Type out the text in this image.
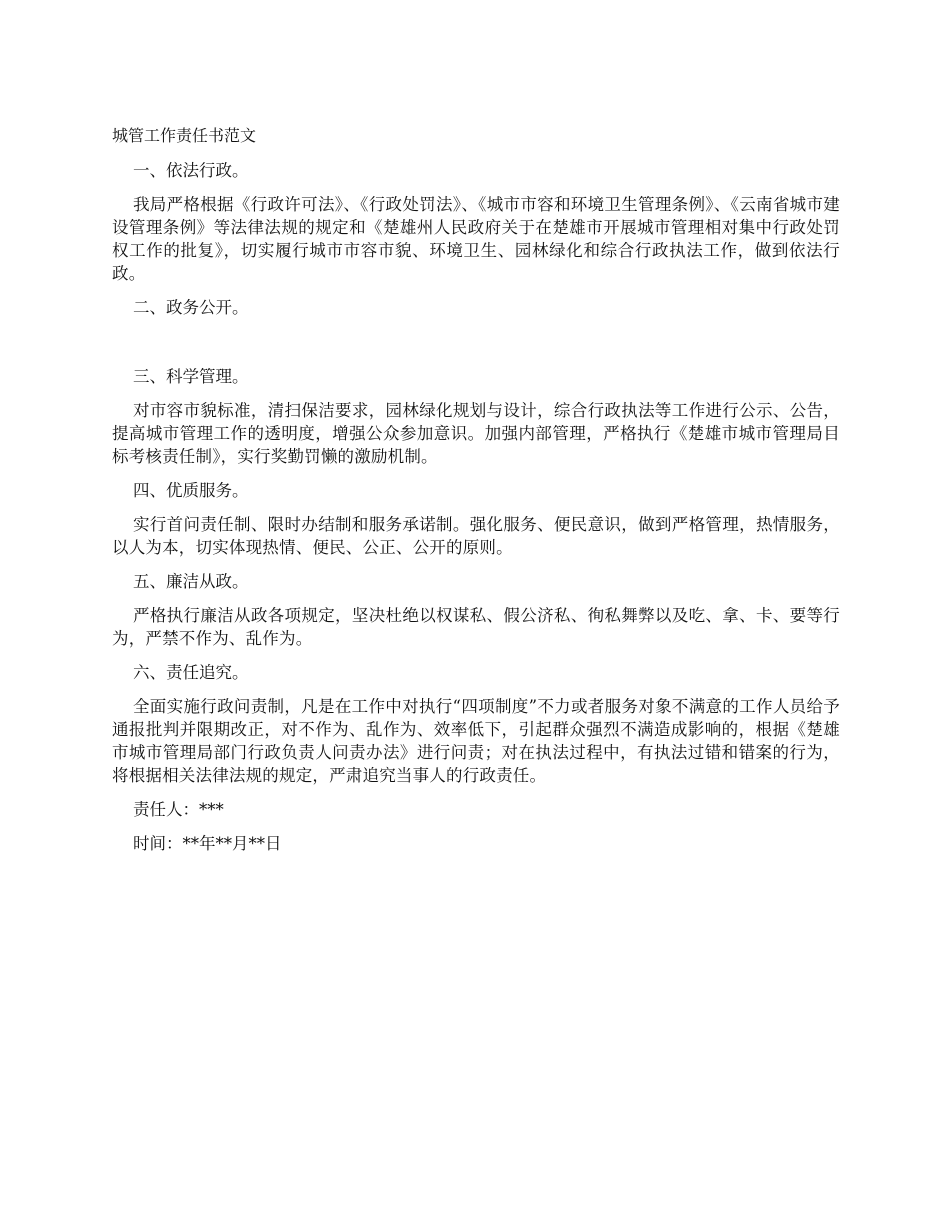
城管工作责任书范文
一、依法行政。
我局严格根据《行政许可法》、《行政处罚法》、《城市市容和环境卫生管理条例》、《云南省城市建设管理条例》等法律法规的规定和《楚雄州人民政府关于在楚雄市开展城市管理相对集中行政处罚权工作的批复》，切实履行城市市容市貌、环境卫生、园林绿化和综合行政执法工作，做到依法行政。
二、政务公开。
三、科学管理。
对市容市貌标准，清扫保洁要求，园林绿化规划与设计，综合行政执法等工作进行公示、公告，提高城市管理工作的透明度，增强公众参加意识。加强内部管理，严格执行《楚雄市城市管理局目标考核责任制》，实行奖勤罚懒的激励机制。
四、优质服务。
实行首问责任制、限时办结制和服务承诺制。强化服务、便民意识，做到严格管理，热情服务，以人为本，切实体现热情、便民、公正、公开的原则。
五、廉洁从政。
严格执行廉洁从政各项规定，坚决杜绝以权谋私、假公济私、徇私舞弊以及吃、拿、卡、要等行为，严禁不作为、乱作为。
六、责任追究。
全面实施行政问责制，凡是在工作中对执行“四项制度”不力或者服务对象不满意的工作人员给予通报批判并限期改正，对不作为、乱作为、效率低下，引起群众强烈不满造成影响的，根据《楚雄市城市管理局部门行政负责人问责办法》进行问责；对在执法过程中，有执法过错和错案的行为，将根据相关法律法规的规定，严肃追究当事人的行政责任。
责任人：***
时间：**年**月**日
